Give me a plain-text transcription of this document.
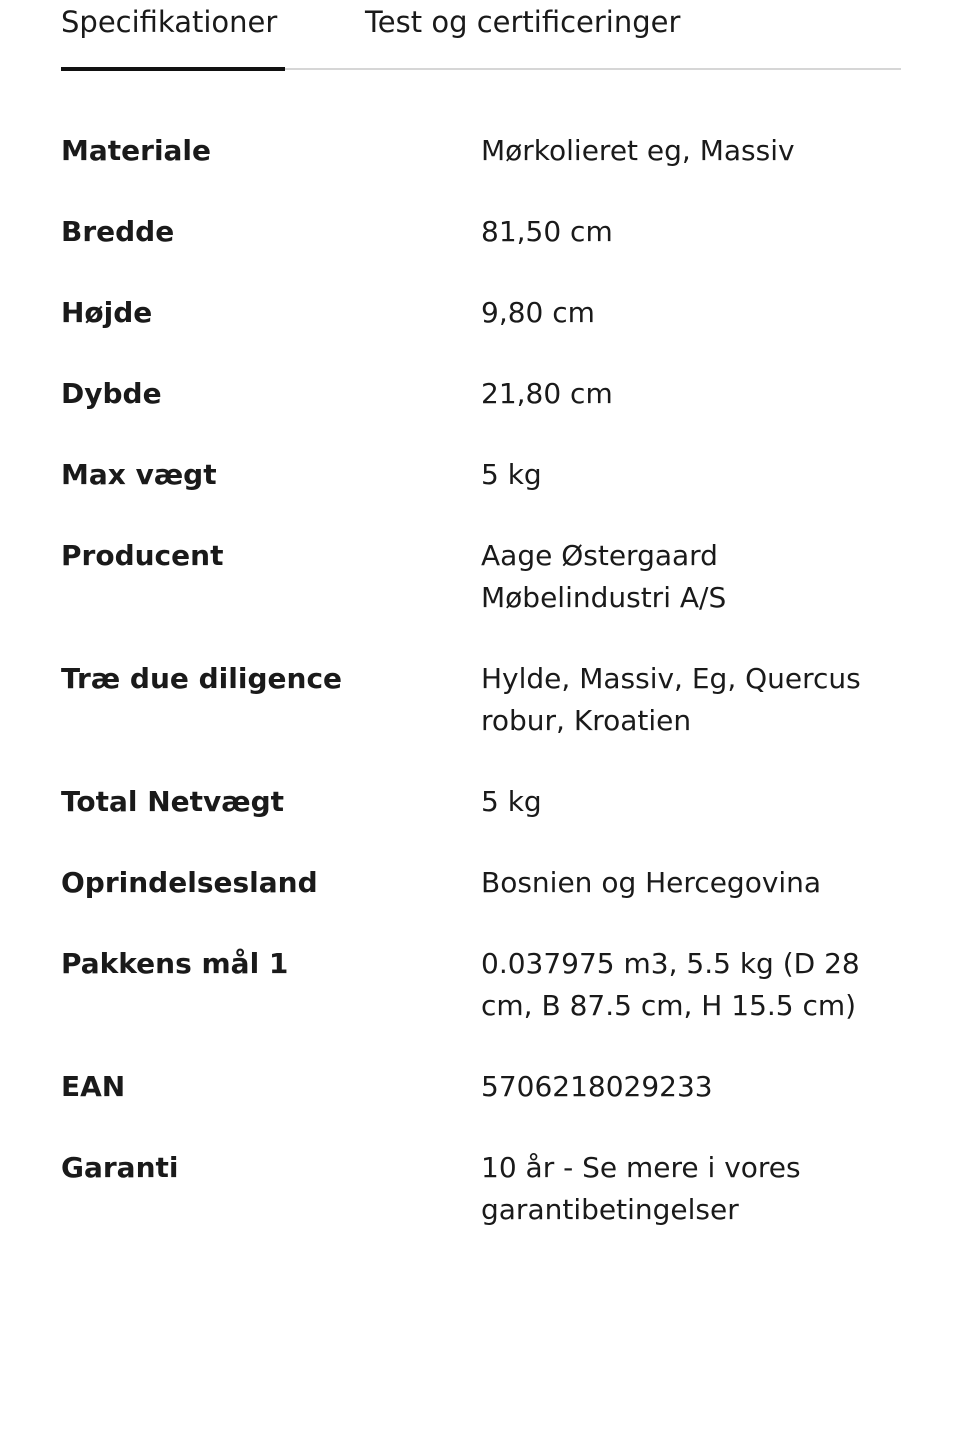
Specifikationer	Test og certificeringer
Materiale	Mørkolieret eg, Massiv
Bredde	81,50 cm
Højde	9,80 cm
Dybde	21,80 cm
Max vægt	5 kg
Producent	Aage Østergaard Møbelindustri A/S
Træ due diligence	Hylde, Massiv, Eg, Quercus robur, Kroatien
Total Netvægt	5 kg
Oprindelsesland	Bosnien og Hercegovina
Pakkens mål 1	0.037975 m3, 5.5 kg (D 28 cm, B 87.5 cm, H 15.5 cm)
EAN	5706218029233
Garanti	10 år - Se mere i vores garantibetingelser
